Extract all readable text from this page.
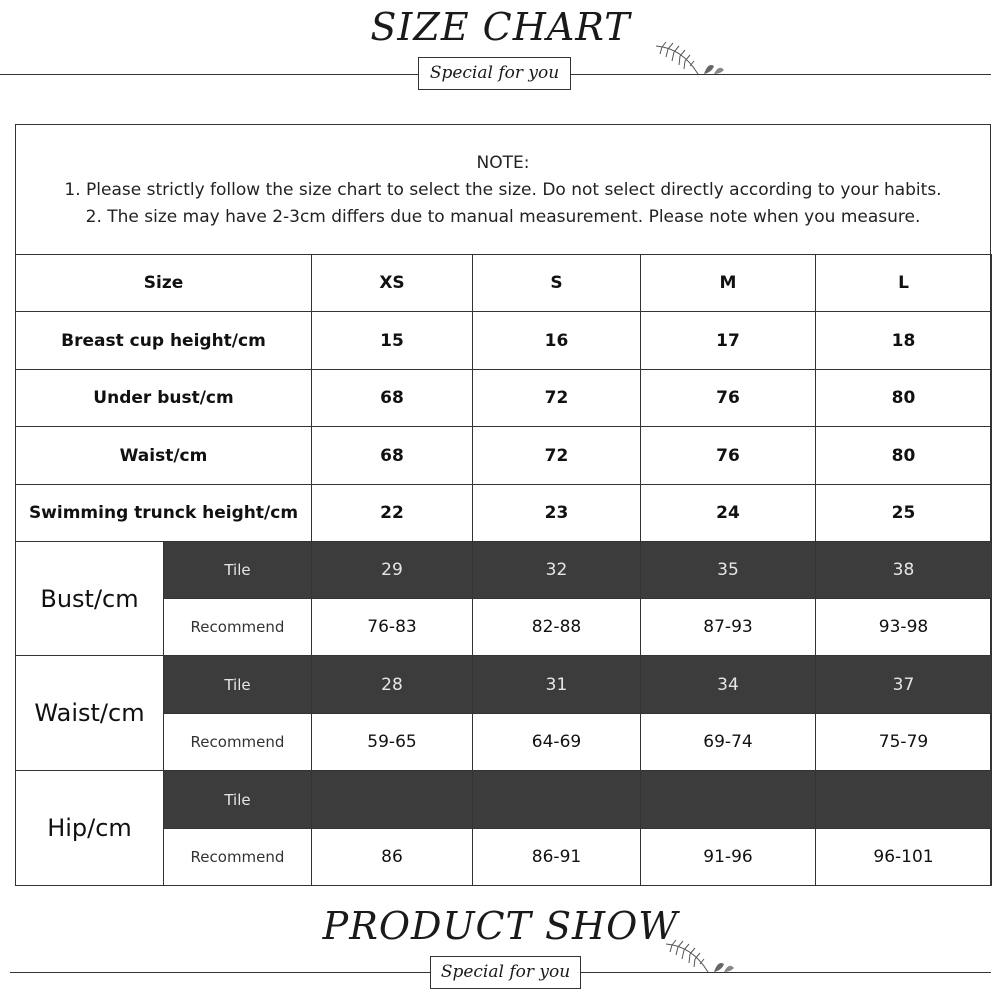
SIZE CHART
Special for you
NOTE:
1. Please strictly follow the size chart to select the size. Do not select directly according to your habits.
2. The size may have 2-3cm differs due to manual measurement. Please note when you measure.
Size		XS	S	M	L
Breast cup height/cm		15	16	17	18
Under bust/cm		68	72	76	80
Waist/cm		68	72	76	80
Swimming trunck height/cm		22	23	24	25
Bust/cm	Tile	29	32	35	38
	Recommend	76-83	82-88	87-93	93-98
Waist/cm	Tile	28	31	34	37
	Recommend	59-65	64-69	69-74	75-79
Hip/cm	Tile				
	Recommend	86	86-91	91-96	96-101
PRODUCT SHOW
Special for you
